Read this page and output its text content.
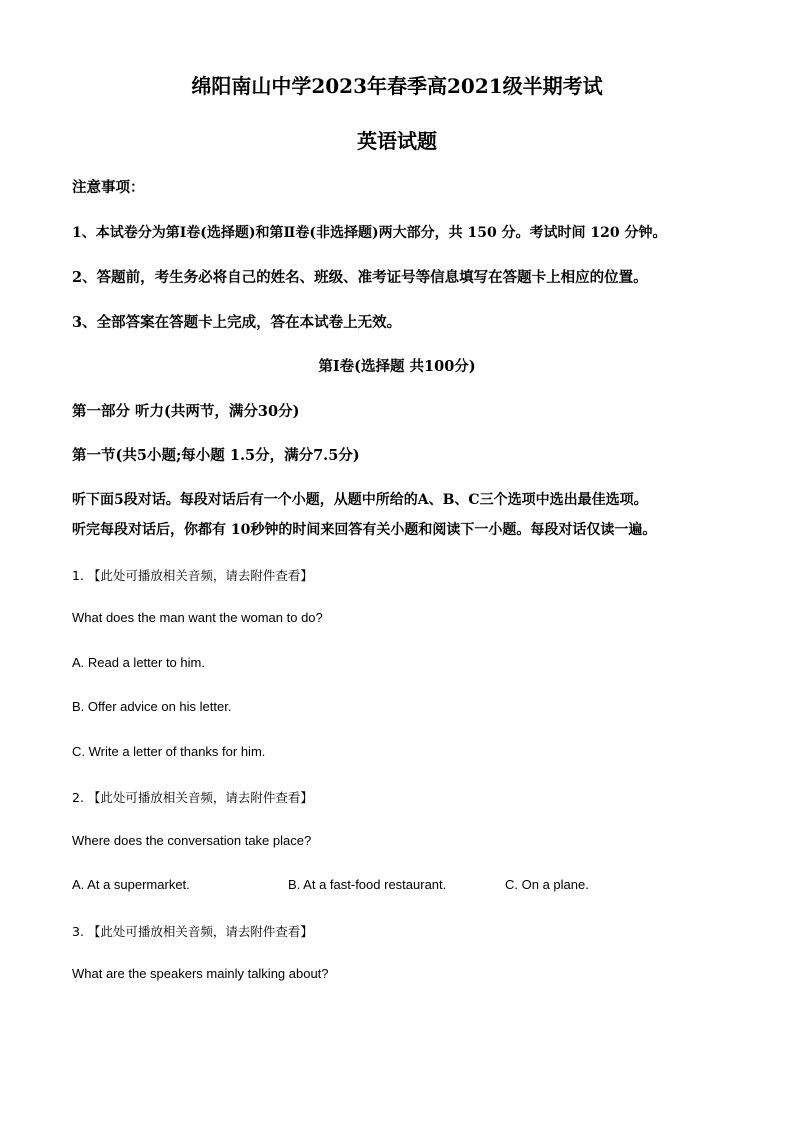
绵阳南山中学2023年春季高2021级半期考试
英语试题
注意事项：
1、本试卷分为第Ⅰ卷(选择题)和第Ⅱ卷(非选择题)两大部分，共 150 分。考试时间 120 分钟。
2、答题前，考生务必将自己的姓名、班级、准考证号等信息填写在答题卡上相应的位置。
3、全部答案在答题卡上完成，答在本试卷上无效。
第Ⅰ卷(选择题 共100分)
第一部分 听力(共两节，满分30分)
第一节(共5小题;每小题 1.5分，满分7.5分)
听下面5段对话。每段对话后有一个小题，从题中所给的A、B、C三个选项中选出最佳选项。
听完每段对话后，你都有 10秒钟的时间来回答有关小题和阅读下一小题。每段对话仅读一遍。
1. 【此处可播放相关音频，请去附件查看】
What does the man want the woman to do?
A. Read a letter to him.
B. Offer advice on his letter.
C. Write a letter of thanks for him.
2. 【此处可播放相关音频，请去附件查看】
Where does the conversation take place?
A. At a supermarket.	B. At a fast-food restaurant.	C. On a plane.
3. 【此处可播放相关音频，请去附件查看】
What are the speakers mainly talking about?
